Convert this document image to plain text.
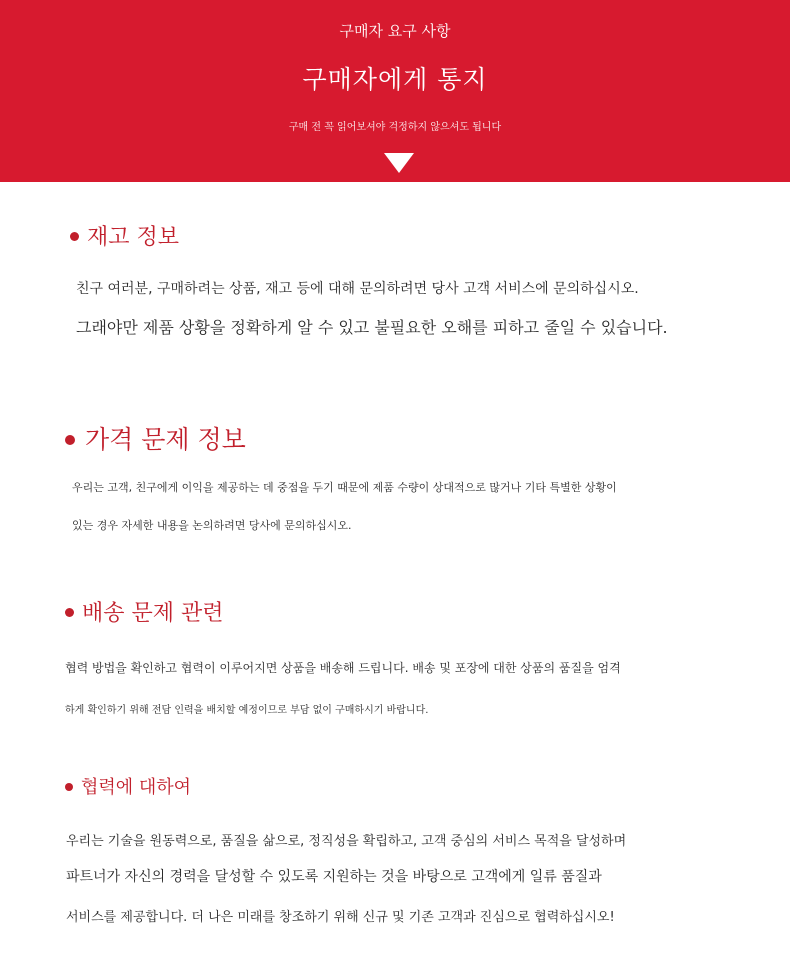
구매자 요구 사항
구매자에게 통지
구매 전 꼭 읽어보셔야 걱정하지 않으셔도 됩니다
재고 정보
친구 여러분, 구매하려는 상품, 재고 등에 대해 문의하려면 당사 고객 서비스에 문의하십시오.
그래야만 제품 상황을 정확하게 알 수 있고 불필요한 오해를 피하고 줄일 수 있습니다.
가격 문제 정보
우리는 고객, 친구에게 이익을 제공하는 데 중점을 두기 때문에 제품 수량이 상대적으로 많거나 기타 특별한 상황이
있는 경우 자세한 내용을 논의하려면 당사에 문의하십시오.
배송 문제 관련
협력 방법을 확인하고 협력이 이루어지면 상품을 배송해 드립니다. 배송 및 포장에 대한 상품의 품질을 엄격
하게 확인하기 위해 전담 인력을 배치할 예정이므로 부담 없이 구매하시기 바랍니다.
협력에 대하여
우리는 기술을 원동력으로, 품질을 삶으로, 정직성을 확립하고, 고객 중심의 서비스 목적을 달성하며
파트너가 자신의 경력을 달성할 수 있도록 지원하는 것을 바탕으로 고객에게 일류 품질과
서비스를 제공합니다. 더 나은 미래를 창조하기 위해 신규 및 기존 고객과 진심으로 협력하십시오!
